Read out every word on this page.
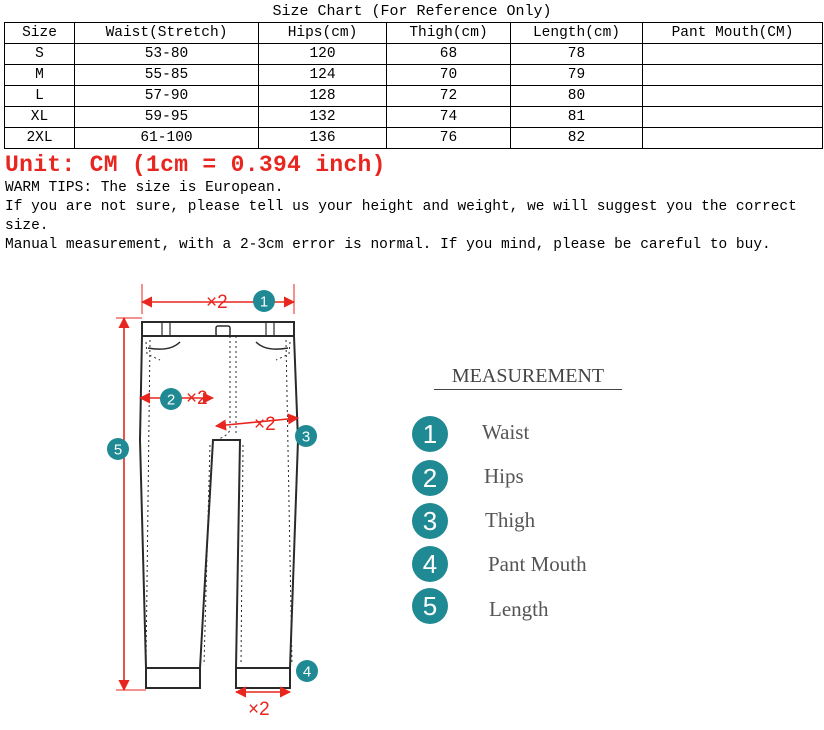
Size Chart (For Reference Only)
Size	Waist(Stretch)	Hips(cm)	Thigh(cm)	Length(cm)	Pant Mouth(CM)
S	53-80	120	68	78	
M	55-85	124	70	79	
L	57-90	128	72	80	
XL	59-95	132	74	81	
2XL	61-100	136	76	82	
Unit: CM (1cm = 0.394 inch)

WARM TIPS: The size is European.

If you are not sure, please tell us your height and weight, we will suggest you the correct size.

Manual measurement, with a 2-3cm error is normal. If you mind, please be careful to buy.

×2
×2
×2
×2
1
2
3
4
5
1
2
3
4
5
MEASUREMENT
Waist
Hips
Thigh
Pant Mouth
Length
